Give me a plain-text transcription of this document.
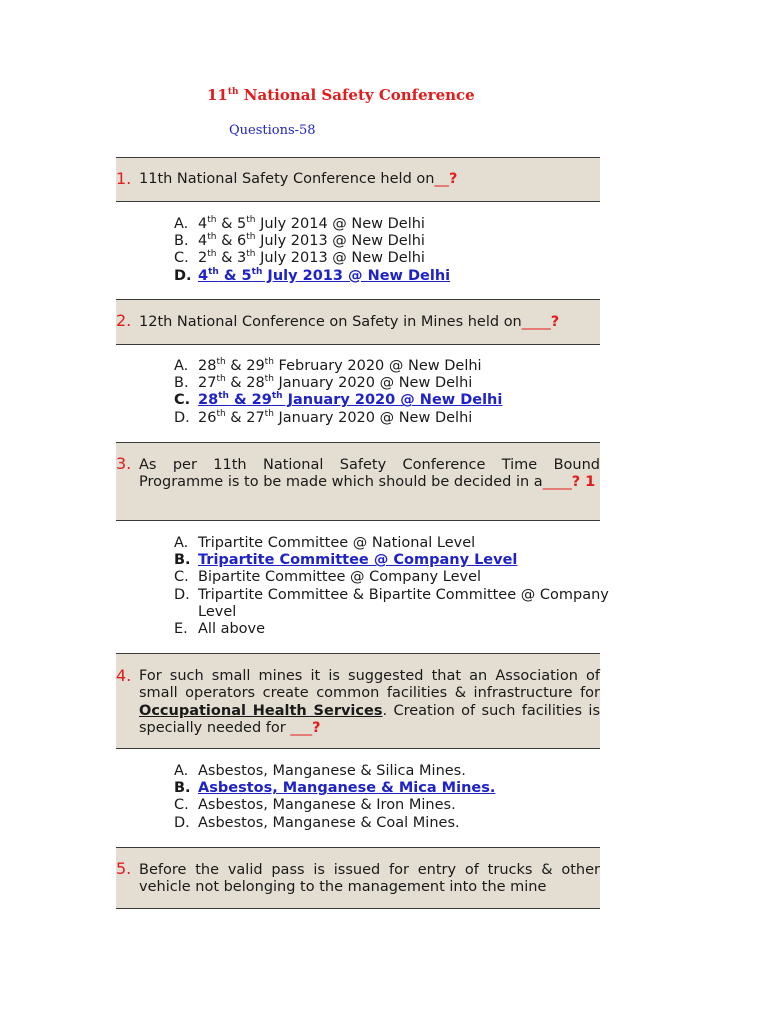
11th National Safety Conference
Questions-58
1. 11th National Safety Conference held on__?
A. 4th & 5th July 2014 @ New Delhi
B. 4th & 6th July 2013 @ New Delhi
C. 2th & 3th July 2013 @ New Delhi
D. 4th & 5th July 2013 @ New Delhi
2. 12th National Conference on Safety in Mines held on____?
A. 28th & 29th February 2020 @ New Delhi
B. 27th & 28th January 2020 @ New Delhi
C. 28th & 29th January 2020 @ New Delhi
D. 26th & 27th January 2020 @ New Delhi
3. As per 11th National Safety Conference Time Bound Programme is to be made which should be decided in a____? 1
A. Tripartite Committee @ National Level
B. Tripartite Committee @ Company Level
C. Bipartite Committee @ Company Level
D. Tripartite Committee & Bipartite Committee @ Company Level
E. All above
4. For such small mines it is suggested that an Association of small operators create common facilities & infrastructure for Occupational Health Services. Creation of such facilities is specially needed for ___?
A. Asbestos, Manganese & Silica Mines.
B. Asbestos, Manganese & Mica Mines.
C. Asbestos, Manganese & Iron Mines.
D. Asbestos, Manganese & Coal Mines.
5. Before the valid pass is issued for entry of trucks & other vehicle not belonging to the management into the mine
